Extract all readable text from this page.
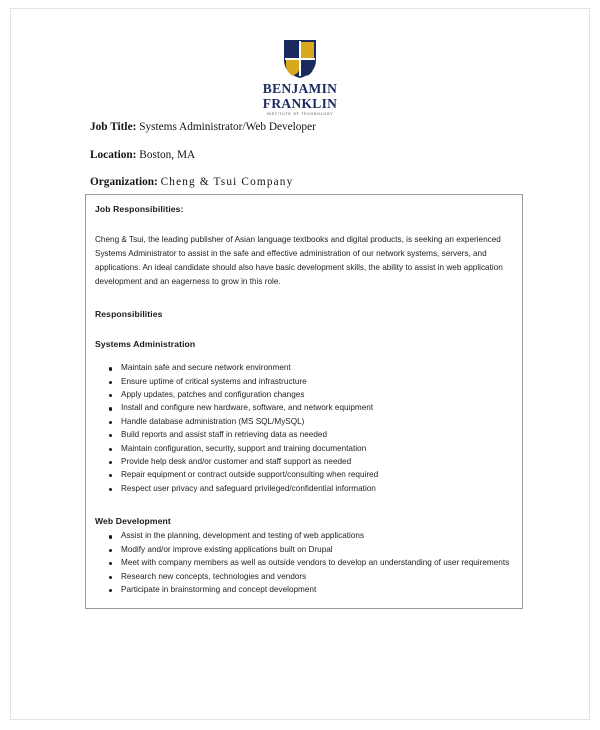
BENJAMIN
FRANKLIN
INSTITUTE OF TECHNOLOGY
Job Title: Systems Administrator/Web Developer
Location: Boston, MA
Organization: Cheng & Tsui Company
Job Responsibilities:
Cheng & Tsui, the leading publisher of Asian language textbooks and digital products, is seeking an experienced Systems Administrator to assist in the safe and effective administration of our network systems, servers, and applications. An ideal candidate should also have basic development skills, the ability to assist in web application development and an eagerness to grow in this role.
Responsibilities
Systems Administration
Maintain safe and secure network environment
Ensure uptime of critical systems and infrastructure
Apply updates, patches and configuration changes
Install and configure new hardware, software, and network equipment
Handle database administration (MS SQL/MySQL)
Build reports and assist staff in retrieving data as needed
Maintain configuration, security, support and training documentation
Provide help desk and/or customer and staff support as needed
Repair equipment or contract outside support/consulting when required
Respect user privacy and safeguard privileged/confidential information
Web Development
Assist in the planning, development and testing of web applications
Modify and/or improve existing applications built on Drupal
Meet with company members as well as outside vendors to develop an understanding of user requirements
Research new concepts, technologies and vendors
Participate in brainstorming and concept development
